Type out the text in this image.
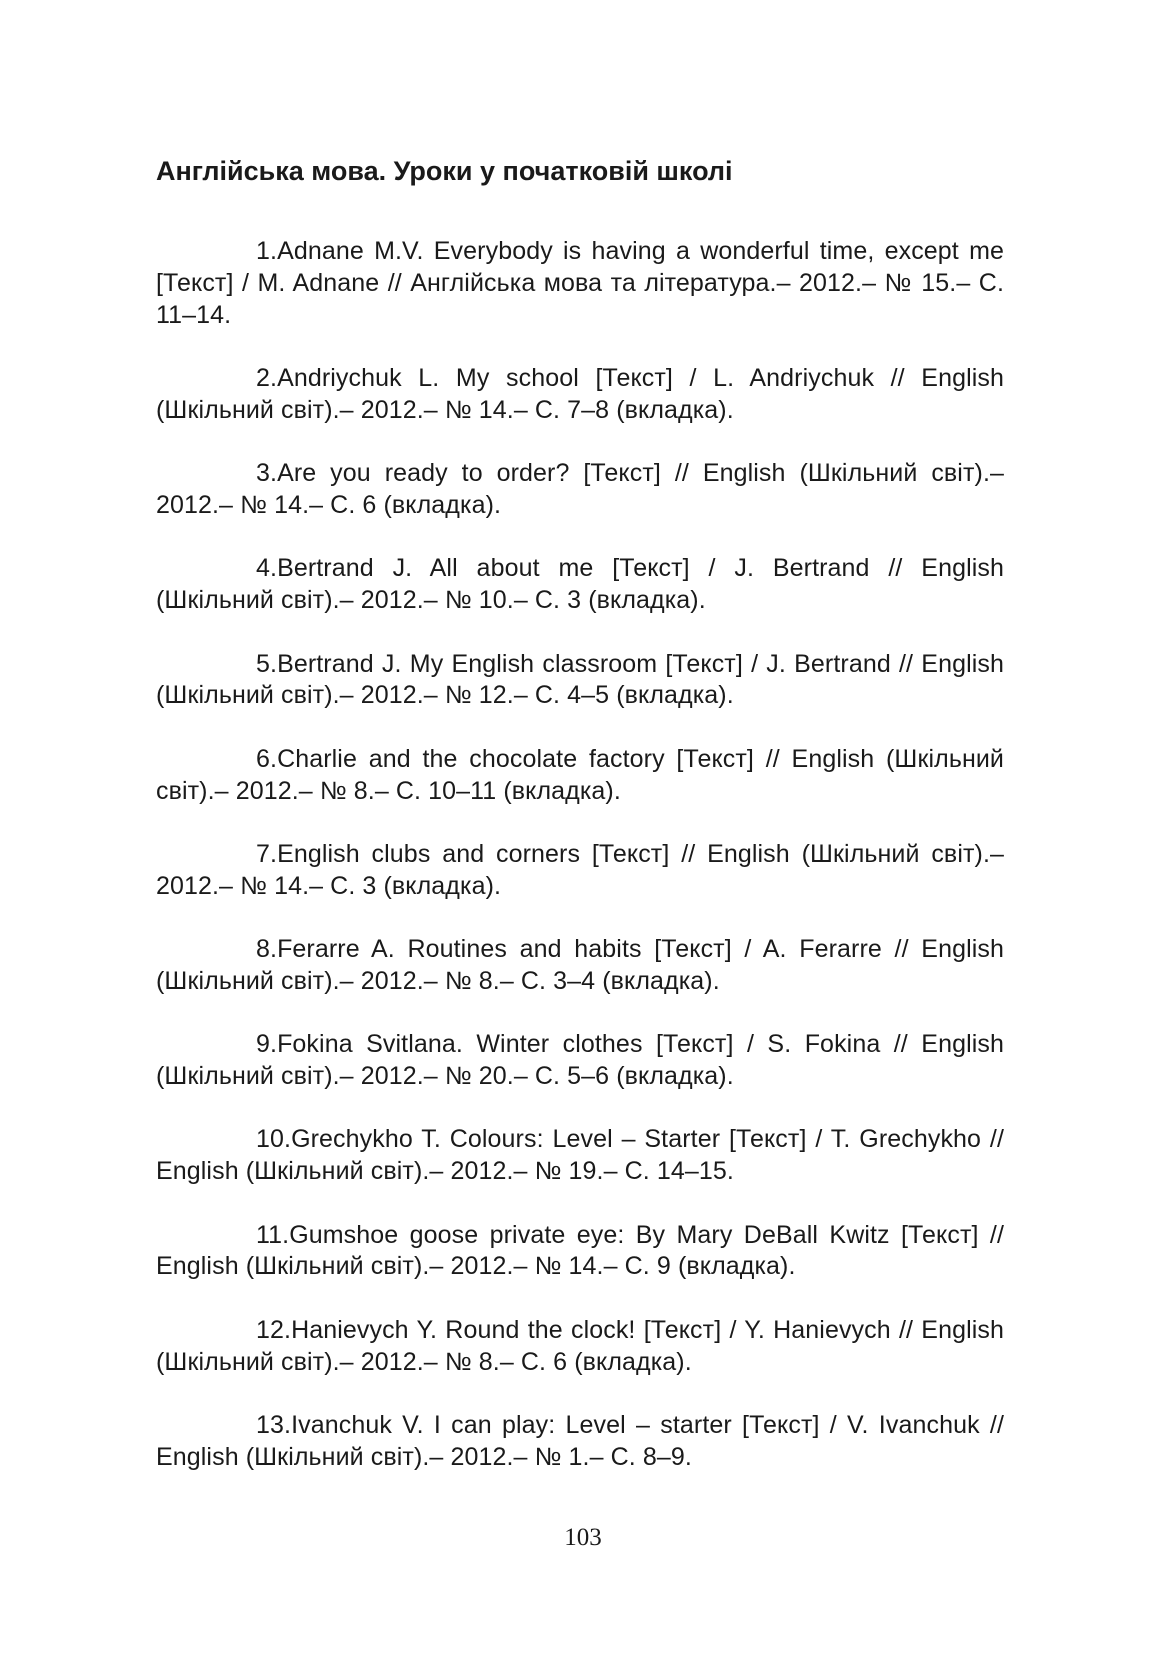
Англійська мова. Уроки у початковій школі

1.Adnane M.V. Everybody is having a wonderful time, except me [Текст] / M. Adnane // Англійська мова та література.– 2012.– № 15.– С. 11–14.

2.Andriychuk L. My school [Текст] / L. Andriychuk // English (Шкільний світ).– 2012.– № 14.– С. 7–8 (вкладка).

3.Are you ready to order? [Текст] // English (Шкільний світ).– 2012.– № 14.– С. 6 (вкладка).

4.Bertrand J. All about me [Текст] / J. Bertrand // English (Шкільний світ).– 2012.– № 10.– С. 3 (вкладка).

5.Bertrand J. My English classroom [Текст] / J. Bertrand // English (Шкільний світ).– 2012.– № 12.– С. 4–5 (вкладка).

6.Charlie and the chocolate factory [Текст] // English (Шкільний світ).– 2012.– № 8.– С. 10–11 (вкладка).

7.English clubs and corners [Текст] // English (Шкільний світ).– 2012.– № 14.– С. 3 (вкладка).

8.Ferarre A. Routines and habits [Текст] / A. Ferarre // English (Шкільний світ).– 2012.– № 8.– С. 3–4 (вкладка).

9.Fokina Svitlana. Winter clothes [Текст] / S. Fokina // English (Шкільний світ).– 2012.– № 20.– С. 5–6 (вкладка).

10.Grechykho T. Colours: Level – Starter [Текст] / T. Grechykho // English (Шкільний світ).– 2012.– № 19.– С. 14–15.

11.Gumshoe goose private eye: By Mary DeBall Kwitz [Текст] // English (Шкільний світ).– 2012.– № 14.– С. 9 (вкладка).

12.Hanievych Y. Round the clock! [Текст] / Y. Hanievych // English (Шкільний світ).– 2012.– № 8.– С. 6 (вкладка).

13.Ivanchuk V. I can play: Level – starter [Текст] / V. Ivanchuk // English (Шкільний світ).– 2012.– № 1.– С. 8–9.

103
